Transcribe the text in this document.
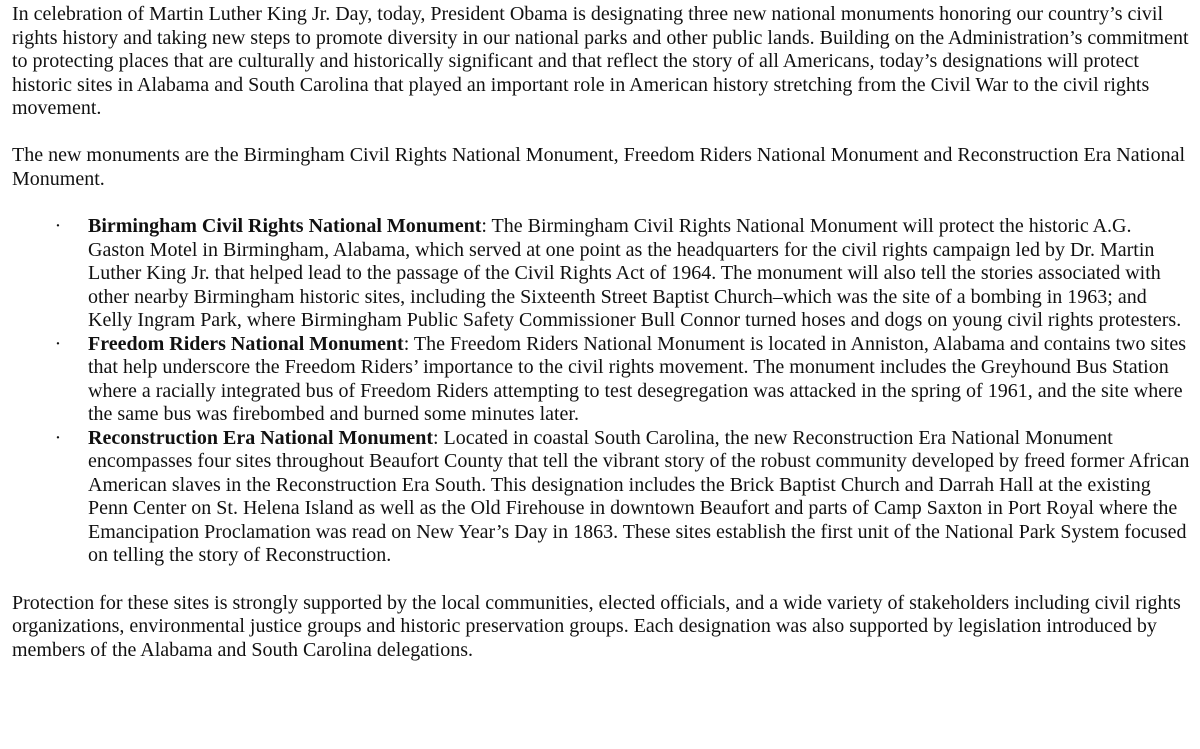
In celebration of Martin Luther King Jr. Day, today, President Obama is designating three new national monuments honoring our country’s civil rights history and taking new steps to promote diversity in our national parks and other public lands. Building on the Administration’s commitment to protecting places that are culturally and historically significant and that reflect the story of all Americans, today’s designations will protect historic sites in Alabama and South Carolina that played an important role in American history stretching from the Civil War to the civil rights movement.

The new monuments are the Birmingham Civil Rights National Monument, Freedom Riders National Monument and Reconstruction Era National Monument.

· Birmingham Civil Rights National Monument: The Birmingham Civil Rights National Monument will protect the historic A.G. Gaston Motel in Birmingham, Alabama, which served at one point as the headquarters for the civil rights campaign led by Dr. Martin Luther King Jr. that helped lead to the passage of the Civil Rights Act of 1964. The monument will also tell the stories associated with other nearby Birmingham historic sites, including the Sixteenth Street Baptist Church–which was the site of a bombing in 1963; and Kelly Ingram Park, where Birmingham Public Safety Commissioner Bull Connor turned hoses and dogs on young civil rights protesters.
· Freedom Riders National Monument: The Freedom Riders National Monument is located in Anniston, Alabama and contains two sites that help underscore the Freedom Riders’ importance to the civil rights movement. The monument includes the Greyhound Bus Station where a racially integrated bus of Freedom Riders attempting to test desegregation was attacked in the spring of 1961, and the site where the same bus was firebombed and burned some minutes later.
· Reconstruction Era National Monument: Located in coastal South Carolina, the new Reconstruction Era National Monument encompasses four sites throughout Beaufort County that tell the vibrant story of the robust community developed by freed former African American slaves in the Reconstruction Era South. This designation includes the Brick Baptist Church and Darrah Hall at the existing Penn Center on St. Helena Island as well as the Old Firehouse in downtown Beaufort and parts of Camp Saxton in Port Royal where the Emancipation Proclamation was read on New Year’s Day in 1863. These sites establish the first unit of the National Park System focused on telling the story of Reconstruction.

Protection for these sites is strongly supported by the local communities, elected officials, and a wide variety of stakeholders including civil rights organizations, environmental justice groups and historic preservation groups. Each designation was also supported by legislation introduced by members of the Alabama and South Carolina delegations.
